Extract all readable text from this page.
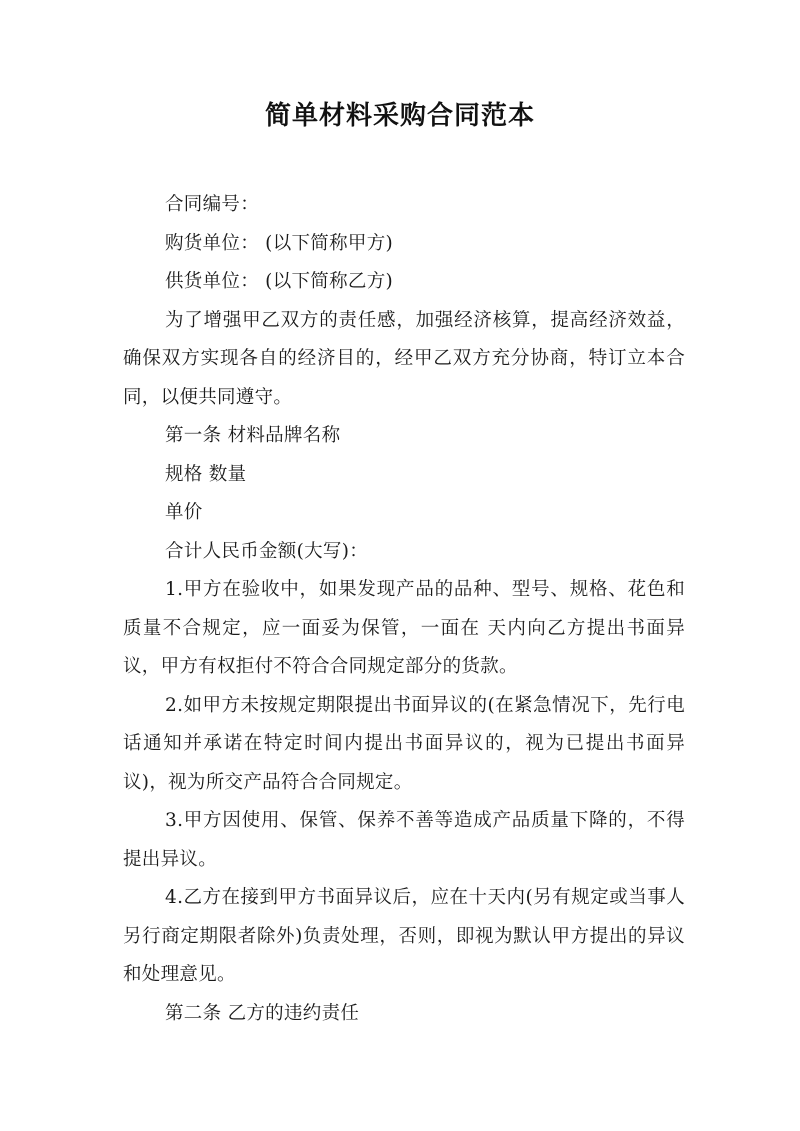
简单材料采购合同范本

合同编号：

购货单位： (以下简称甲方)

供货单位： (以下简称乙方)

为了增强甲乙双方的责任感，加强经济核算，提高经济效益，确保双方实现各自的经济目的，经甲乙双方充分协商，特订立本合同，以便共同遵守。

第一条 材料品牌名称

规格 数量

单价

合计人民币金额(大写)：

1.甲方在验收中，如果发现产品的品种、型号、规格、花色和质量不合规定，应一面妥为保管，一面在 天内向乙方提出书面异议，甲方有权拒付不符合合同规定部分的货款。

2.如甲方未按规定期限提出书面异议的(在紧急情况下，先行电话通知并承诺在特定时间内提出书面异议的，视为已提出书面异议)，视为所交产品符合合同规定。

3.甲方因使用、保管、保养不善等造成产品质量下降的，不得提出异议。

4.乙方在接到甲方书面异议后，应在十天内(另有规定或当事人另行商定期限者除外)负责处理，否则，即视为默认甲方提出的异议和处理意见。

第二条 乙方的违约责任
